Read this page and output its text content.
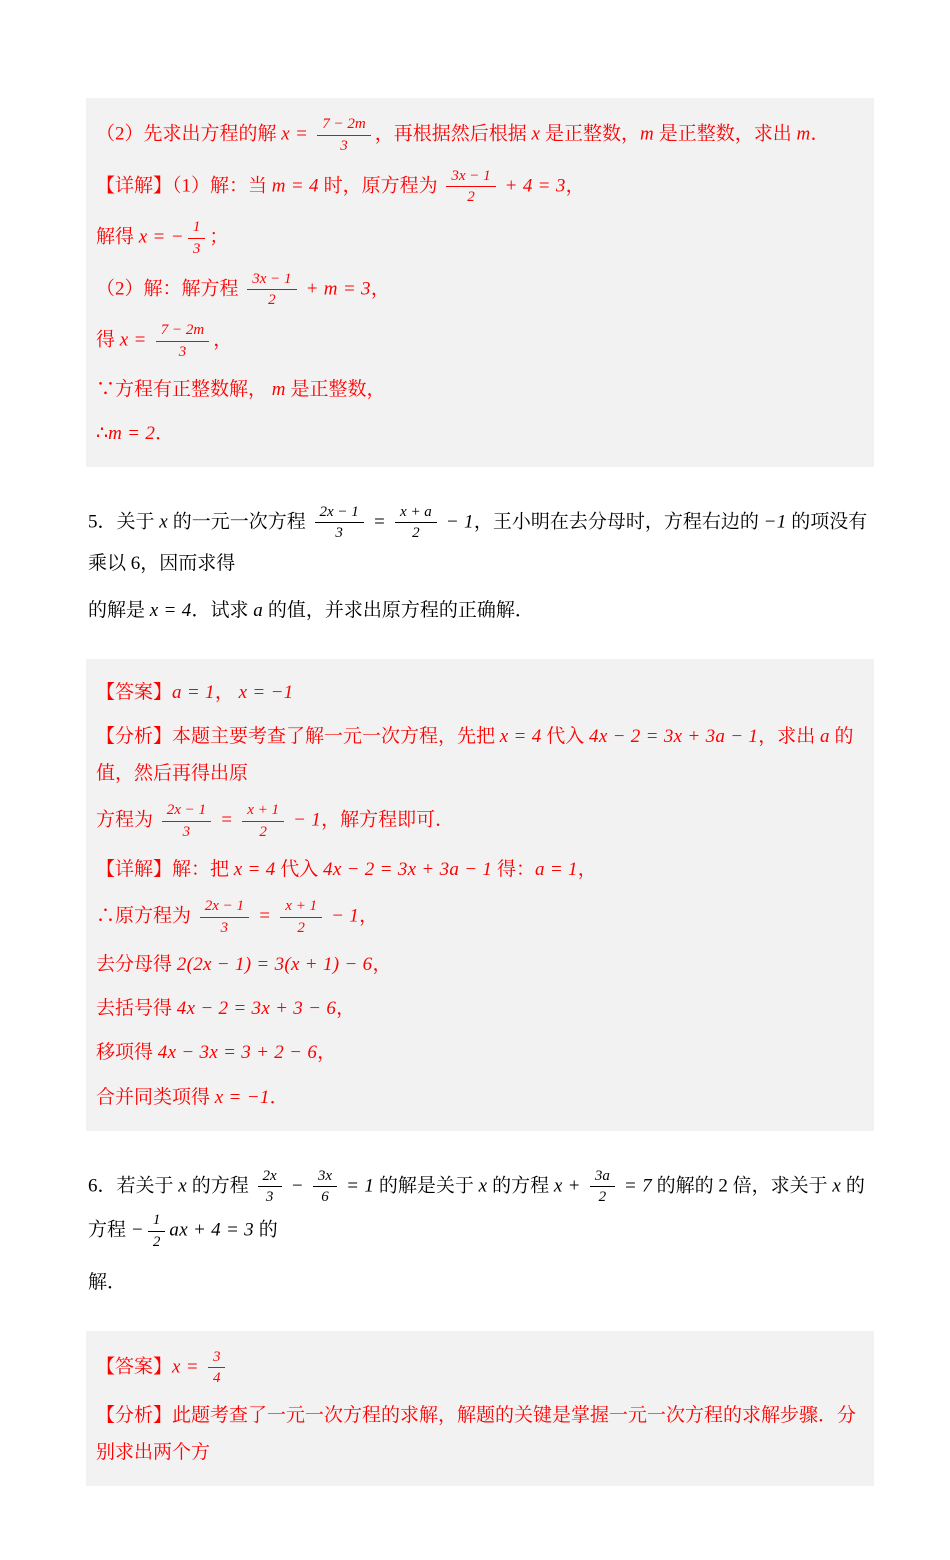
（2）先求出方程的解 $x = \frac{7 - 2m}{3}$ ，再根据然后根据 x 是正整数，m 是正整数，求出 m．
【详解】（1）解：当 m = 4 时，原方程为 $\frac{3x - 1}{2} + 4 = 3$，
解得 x = − $\frac{1}{3}$ ；
（2）解：解方程 $\frac{3x - 1}{2} + m = 3$，
得 $x = \frac{7 - 2m}{3}$ ，
∵方程有正整数解， m 是正整数，
∴m = 2．
5．关于 x 的一元一次方程 $\frac{2x - 1}{3} = \frac{x + a}{2} - 1$，王小明在去分母时，方程右边的 −1 的项没有乘以 6，因而求得
的解是 x = 4．试求 a 的值，并求出原方程的正确解．
【答案】a = 1， x = −1
【分析】本题主要考查了解一元一次方程，先把 x = 4 代入 4x − 2 = 3x + 3a − 1，求出 a 的值，然后再得出原
方程为 $\frac{2x - 1}{3} = \frac{x + 1}{2} - 1$，解方程即可．
【详解】解：把 x = 4 代入 4x − 2 = 3x + 3a − 1 得：a = 1，
∴原方程为 $\frac{2x - 1}{3} = \frac{x + 1}{2} - 1$，
去分母得 2(2x − 1) = 3(x + 1) − 6，
去括号得 4x − 2 = 3x + 3 − 6，
移项得 4x − 3x = 3 + 2 − 6，
合并同类项得 x = −1．
6．若关于 x 的方程 $\frac{2x}{3} - \frac{3x}{6} = 1$ 的解是关于 x 的方程 $x + \frac{3a}{2} = 7$ 的解的 2 倍，求关于 x 的方程 − $\frac{1}{2}$ ax + 4 = 3 的
解．
【答案】$x = \frac{3}{4}$
【分析】此题考查了一元一次方程的求解，解题的关键是掌握一元一次方程的求解步骤．分别求出两个方
